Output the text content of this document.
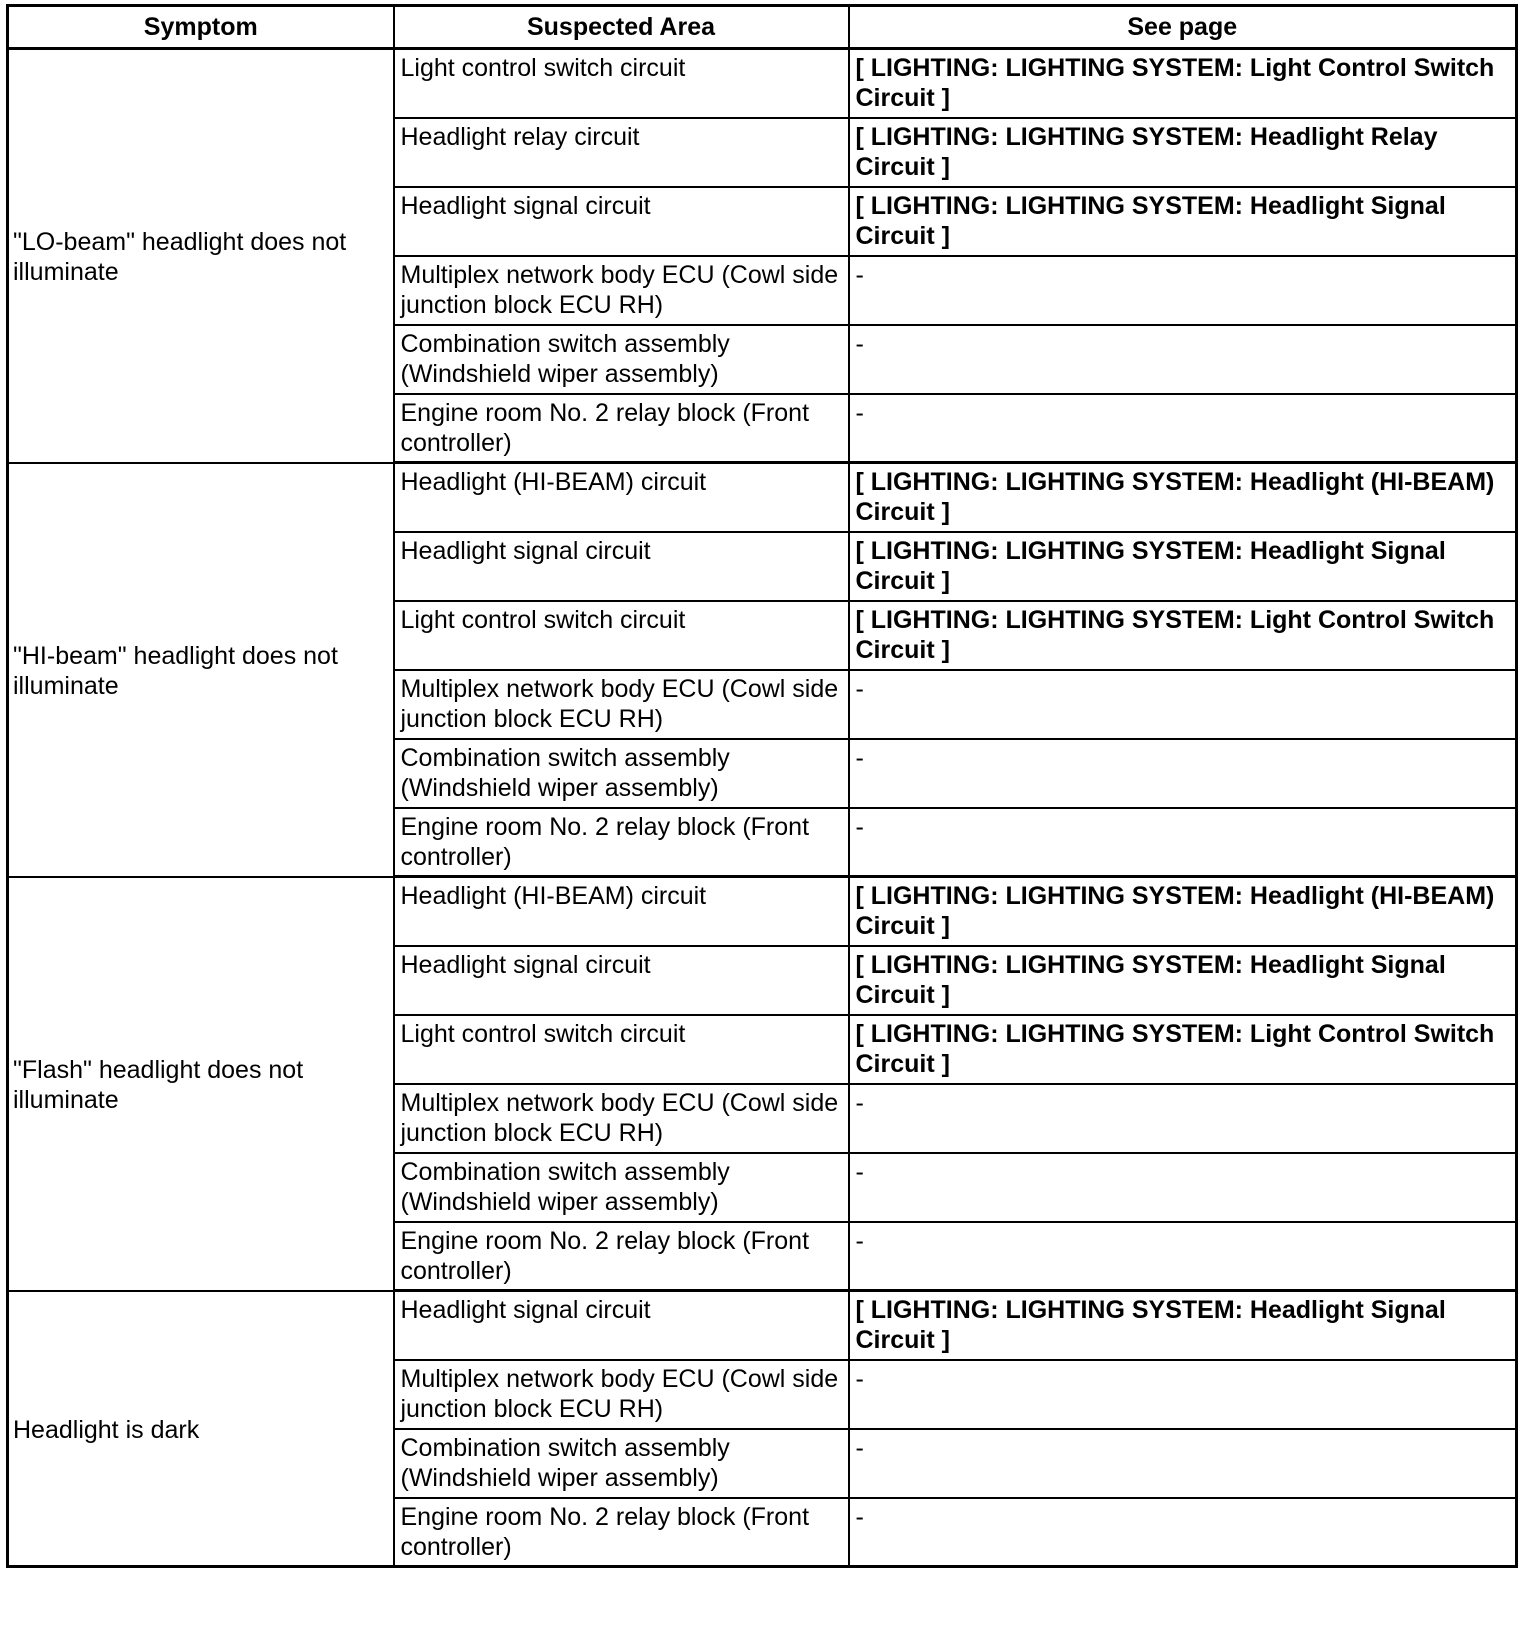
Symptom	Suspected Area	See page
"LO-beam" headlight does not illuminate	Light control switch circuit	[ LIGHTING: LIGHTING SYSTEM: Light Control Switch Circuit ]
	Headlight relay circuit	[ LIGHTING: LIGHTING SYSTEM: Headlight Relay Circuit ]
	Headlight signal circuit	[ LIGHTING: LIGHTING SYSTEM: Headlight Signal Circuit ]
	Multiplex network body ECU (Cowl side junction block ECU RH)	-
	Combination switch assembly (Windshield wiper assembly)	-
	Engine room No. 2 relay block (Front controller)	-
"HI-beam" headlight does not illuminate	Headlight (HI-BEAM) circuit	[ LIGHTING: LIGHTING SYSTEM: Headlight (HI-BEAM) Circuit ]
	Headlight signal circuit	[ LIGHTING: LIGHTING SYSTEM: Headlight Signal Circuit ]
	Light control switch circuit	[ LIGHTING: LIGHTING SYSTEM: Light Control Switch Circuit ]
	Multiplex network body ECU (Cowl side junction block ECU RH)	-
	Combination switch assembly (Windshield wiper assembly)	-
	Engine room No. 2 relay block (Front controller)	-
"Flash" headlight does not illuminate	Headlight (HI-BEAM) circuit	[ LIGHTING: LIGHTING SYSTEM: Headlight (HI-BEAM) Circuit ]
	Headlight signal circuit	[ LIGHTING: LIGHTING SYSTEM: Headlight Signal Circuit ]
	Light control switch circuit	[ LIGHTING: LIGHTING SYSTEM: Light Control Switch Circuit ]
	Multiplex network body ECU (Cowl side junction block ECU RH)	-
	Combination switch assembly (Windshield wiper assembly)	-
	Engine room No. 2 relay block (Front controller)	-
Headlight is dark	Headlight signal circuit	[ LIGHTING: LIGHTING SYSTEM: Headlight Signal Circuit ]
	Multiplex network body ECU (Cowl side junction block ECU RH)	-
	Combination switch assembly (Windshield wiper assembly)	-
	Engine room No. 2 relay block (Front controller)	-
